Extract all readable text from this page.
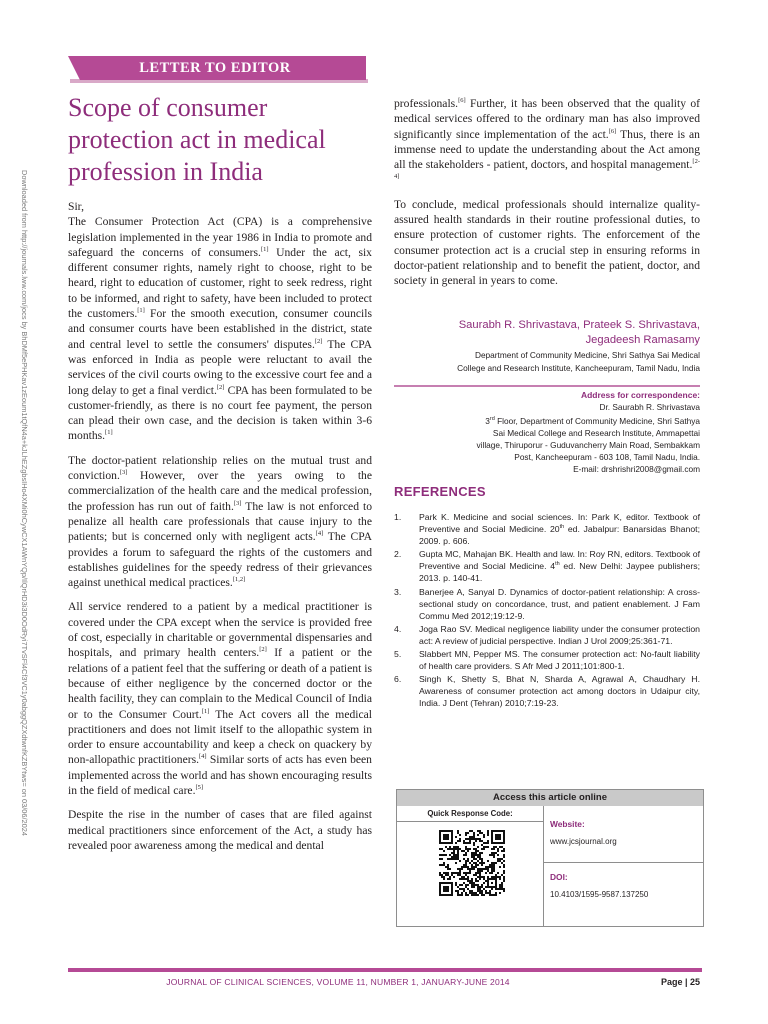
LETTER TO EDITOR
Scope of consumer protection act in medical profession in India
Downloaded from http://journals.lww.com/jocs by BhDMf5ePHKav1zEoum1tQfN4a+kJLhEZgbsIHo4XMi0hCywCX1AWnYQp/IlQrHD3i3D0OdRyi7TvSFl4Cf3VC1y0abggQZXdtwnfKZBYtws= on 03/06/2024	Sir,

The Consumer Protection Act (CPA) is a comprehensive legislation implemented in the year 1986 in India to promote and safeguard the concerns of consumers.[1] Under the act, six different consumer rights, namely right to choose, right to be heard, right to education of customer, right to seek redress, right to be informed, and right to safety, have been included to protect the customers.[1] For the smooth execution, consumer councils and consumer courts have been established in the district, state and central level to settle the consumers' disputes.[2] The CPA was enforced in India as people were reluctant to avail the services of the civil courts owing to the excessive court fee and a long delay to get a final verdict.[2] CPA has been formulated to be customer-friendly, as there is no court fee payment, the person can plead their own case, and the decision is taken within 3-6 months.[1]

The doctor-patient relationship relies on the mutual trust and conviction.[3] However, over the years owing to the commercialization of the health care and the medical profession, the profession has run out of faith.[3] The law is not enforced to penalize all health care professionals that cause injury to the patients; but is concerned only with negligent acts.[4] The CPA provides a forum to safeguard the rights of the customers and establishes guidelines for the speedy redress of their grievances against unethical medical practices.[1,2]

All service rendered to a patient by a medical practitioner is covered under the CPA except when the service is provided free of cost, especially in charitable or governmental dispensaries and hospitals, and primary health centers.[2] If a patient or the relations of a patient feel that the suffering or death of a patient is because of either negligence by the concerned doctor or the health facility, they can complain to the Medical Council of India or to the Consumer Court.[1] The Act covers all the medical practitioners and does not limit itself to the allopathic system in order to ensure accountability and keep a check on quackery by non-allopathic practitioners.[4] Similar sorts of acts has even been implemented across the world and has shown encouraging results in the field of medical care.[5]

Despite the rise in the number of cases that are filed against medical practitioners since enforcement of the Act, a study has revealed poor awareness among the medical and dental

professionals.[6] Further, it has been observed that the quality of medical services offered to the ordinary man has also improved significantly since implementation of the act.[6] Thus, there is an immense need to update the understanding about the Act among all the stakeholders - patient, doctors, and hospital management.[2-4]

To conclude, medical professionals should internalize quality-assured health standards in their routine professional duties, to ensure protection of customer rights. The enforcement of the consumer protection act is a crucial step in ensuring reforms in doctor-patient relationship and to benefit the patient, doctor, and society in general in years to come.

Saurabh R. Shrivastava, Prateek S. Shrivastava,
Jegadeesh Ramasamy
Department of Community Medicine, Shri Sathya Sai Medical
College and Research Institute, Kancheepuram, Tamil Nadu, India
Address for correspondence:
Dr. Saurabh R. Shrivastava
3rd Floor, Department of Community Medicine, Shri Sathya
Sai Medical College and Research Institute, Ammapettai
village, Thiruporur - Guduvancherry Main Road, Sembakkam
Post, Kancheepuram - 603 108, Tamil Nadu, India.
E-mail: drshrishri2008@gmail.com
REFERENCES
1. Park K. Medicine and social sciences. In: Park K, editor. Textbook of Preventive and Social Medicine. 20th ed. Jabalpur: Banarsidas Bhanot; 2009. p. 606.
2. Gupta MC, Mahajan BK. Health and law. In: Roy RN, editors. Textbook of Preventive and Social Medicine. 4th ed. New Delhi: Jaypee publishers; 2013. p. 140-41.
3. Banerjee A, Sanyal D. Dynamics of doctor-patient relationship: A cross-sectional study on concordance, trust, and patient enablement. J Fam Commu Med 2012;19:12-9.
4. Joga Rao SV. Medical negligence liability under the consumer protection act: A review of judicial perspective. Indian J Urol 2009;25:361-71.
5. Slabbert MN, Pepper MS. The consumer protection act: No-fault liability of health care providers. S Afr Med J 2011;101:800-1.
6. Singh K, Shetty S, Bhat N, Sharda A, Agrawal A, Chaudhary H. Awareness of consumer protection act among doctors in Udaipur city, India. J Dent (Tehran) 2010;7:19-23.
Access this article online
Quick Response Code:
Website:
www.jcsjournal.org
DOI:
10.4103/1595-9587.137250
JOURNAL OF CLINICAL SCIENCES, VOLUME 11, NUMBER 1, JANUARY-JUNE 2014	Page | 25
